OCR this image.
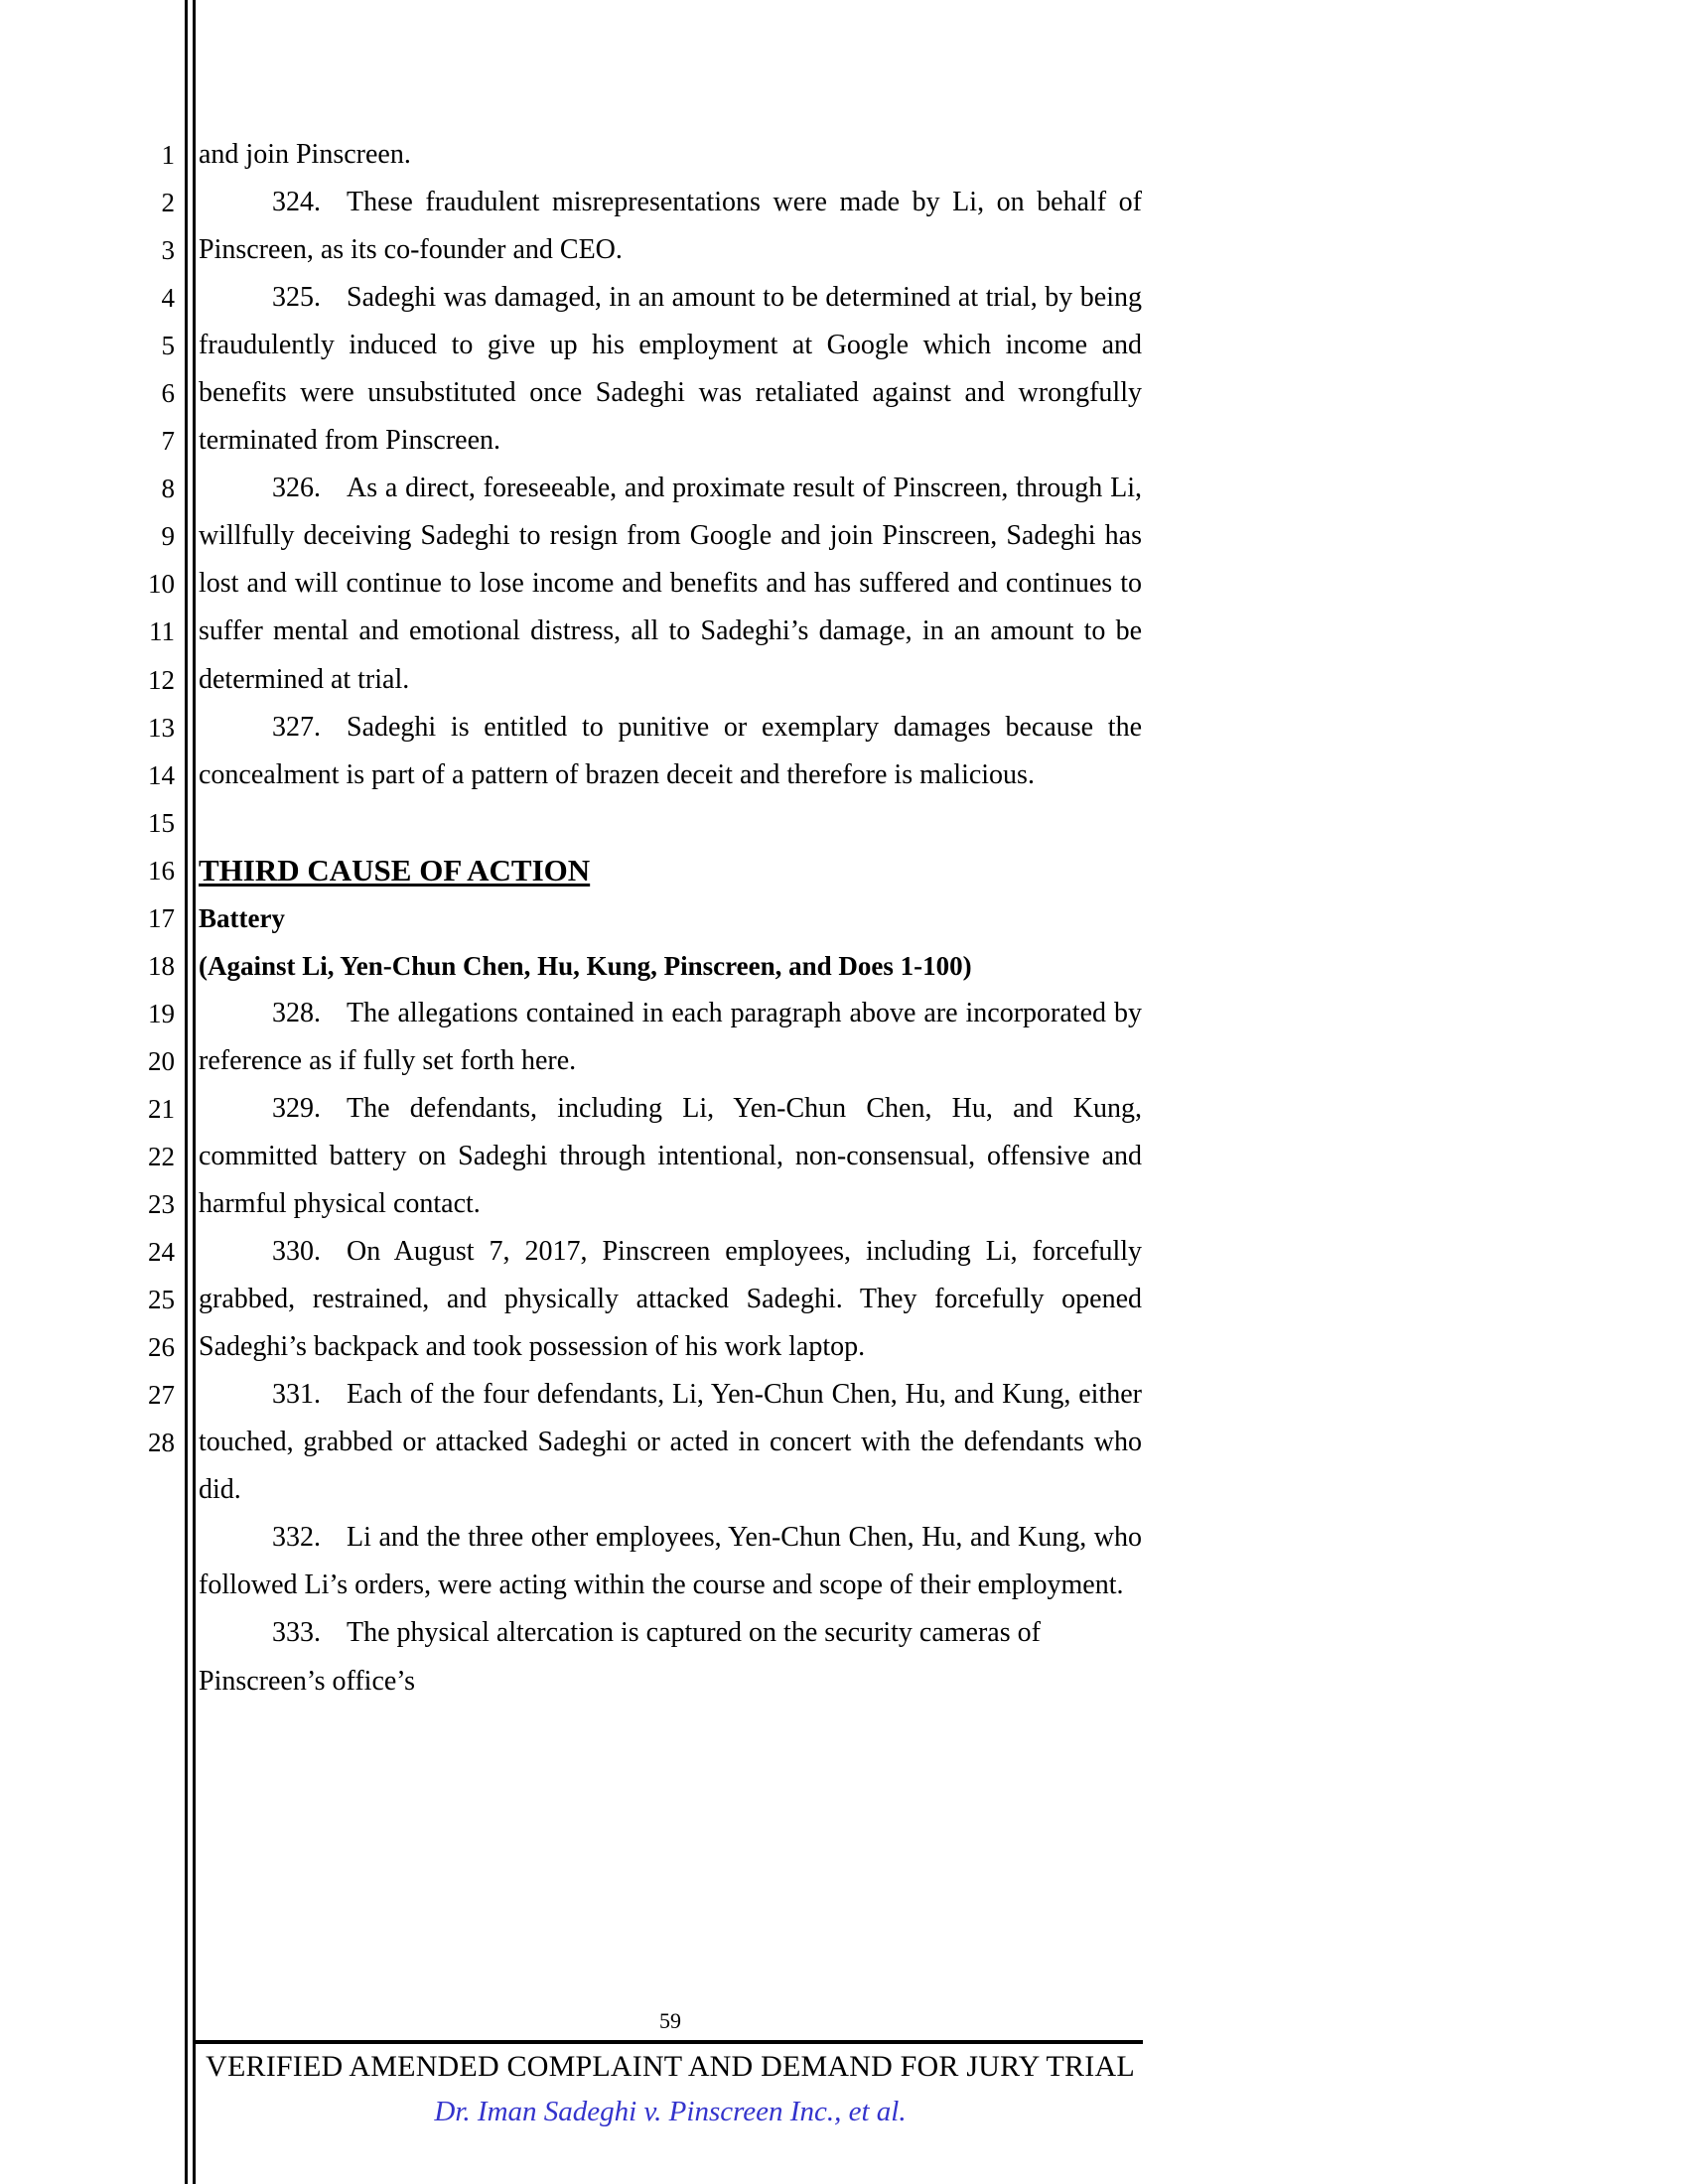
1
2
3
4
5
6
7
8
9
10
11
12
13
14
15
16
17
18
19
20
21
22
23
24
25
26
27
28

and join Pinscreen.

324. These fraudulent misrepresentations were made by Li, on behalf of Pinscreen, as its co-founder and CEO.

325. Sadeghi was damaged, in an amount to be determined at trial, by being fraudulently induced to give up his employment at Google which income and benefits were unsubstituted once Sadeghi was retaliated against and wrongfully terminated from Pinscreen.

326. As a direct, foreseeable, and proximate result of Pinscreen, through Li, willfully deceiving Sadeghi to resign from Google and join Pinscreen, Sadeghi has lost and will continue to lose income and benefits and has suffered and continues to suffer mental and emotional distress, all to Sadeghi’s damage, in an amount to be determined at trial.

327. Sadeghi is entitled to punitive or exemplary damages because the concealment is part of a pattern of brazen deceit and therefore is malicious.

THIRD CAUSE OF ACTION

Battery

(Against Li, Yen-Chun Chen, Hu, Kung, Pinscreen, and Does 1-100)

328. The allegations contained in each paragraph above are incorporated by reference as if fully set forth here.

329. The defendants, including Li, Yen-Chun Chen, Hu, and Kung, committed battery on Sadeghi through intentional, non-consensual, offensive and harmful physical contact.

330. On August 7, 2017, Pinscreen employees, including Li, forcefully grabbed, restrained, and physically attacked Sadeghi. They forcefully opened Sadeghi’s backpack and took possession of his work laptop.

331. Each of the four defendants, Li, Yen-Chun Chen, Hu, and Kung, either touched, grabbed or attacked Sadeghi or acted in concert with the defendants who did.

332. Li and the three other employees, Yen-Chun Chen, Hu, and Kung, who followed Li’s orders, were acting within the course and scope of their employment.

333. The physical altercation is captured on the security cameras of Pinscreen’s office’s

59
VERIFIED AMENDED COMPLAINT AND DEMAND FOR JURY TRIAL
Dr. Iman Sadeghi v. Pinscreen Inc., et al.
